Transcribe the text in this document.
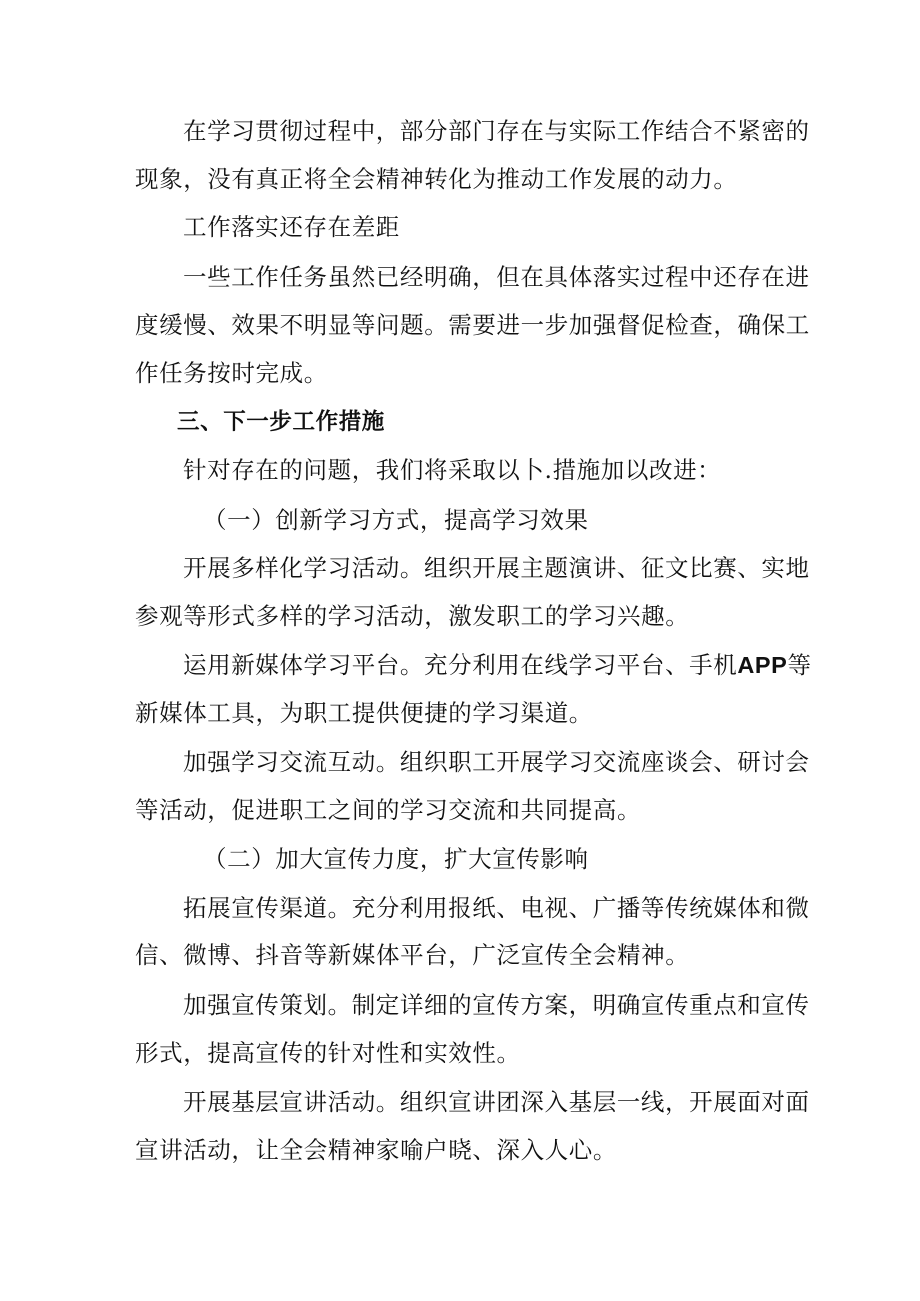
在学习贯彻过程中，部分部门存在与实际工作结合不紧密的
现象，没有真正将全会精神转化为推动工作发展的动力。
工作落实还存在差距
一些工作任务虽然已经明确，但在具体落实过程中还存在进
度缓慢、效果不明显等问题。需要进一步加强督促检查，确保工
作任务按时完成。
三、下一步工作措施
针对存在的问题，我们将采取以卜.措施加以改进：
（一）创新学习方式，提高学习效果
开展多样化学习活动。组织开展主题演讲、征文比赛、实地
参观等形式多样的学习活动，激发职工的学习兴趣。
运用新媒体学习平台。充分利用在线学习平台、手机APP等
新媒体工具，为职工提供便捷的学习渠道。
加强学习交流互动。组织职工开展学习交流座谈会、研讨会
等活动，促进职工之间的学习交流和共同提高。
（二）加大宣传力度，扩大宣传影响
拓展宣传渠道。充分利用报纸、电视、广播等传统媒体和微
信、微博、抖音等新媒体平台，广泛宣传全会精神。
加强宣传策划。制定详细的宣传方案，明确宣传重点和宣传
形式，提高宣传的针对性和实效性。
开展基层宣讲活动。组织宣讲团深入基层一线，开展面对面
宣讲活动，让全会精神家喻户晓、深入人心。
